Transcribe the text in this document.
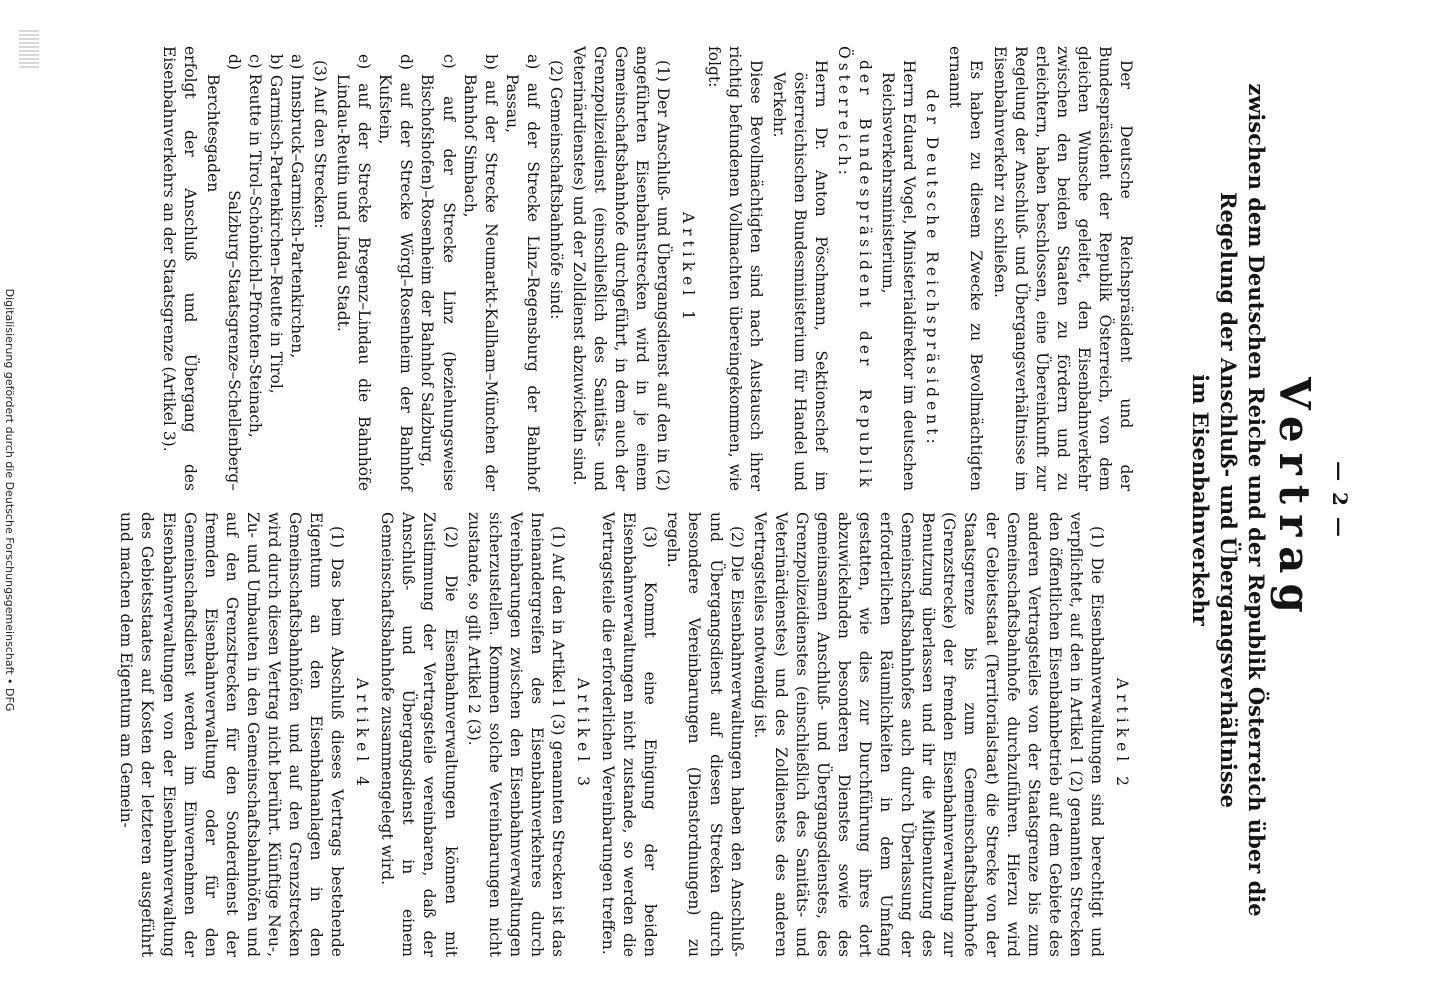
— 2 —
Vertrag
zwischen dem Deutschen Reiche und der Republik Österreich über die
Regelung der Anschluß- und Übergangsverhältnisse
im Eisenbahnverkehr

Der Deutsche Reichspräsident und der Bundespräsident der Republik Österreich, von dem gleichen Wunsche geleitet, den Eisenbahnverkehr zwischen den beiden Staaten zu fördern und zu erleichtern, haben beschlossen, eine Übereinkunft zur Regelung der Anschluß- und Übergangsverhältnisse im Eisenbahnverkehr zu schließen.

Es haben zu diesem Zwecke zu Bevollmächtigten ernannt

der Deutsche Reichspräsident:

Herrn Eduard Vogel, Ministerialdirektor im deutschen Reichsverkehrsministerium,

der Bundespräsident der Republik Österreich:

Herrn Dr. Anton Pöschmann, Sektionschef im österreichischen Bundesministerium für Handel und Verkehr.

Diese Bevollmächtigten sind nach Austausch ihrer richtig befundenen Vollmachten übereingekommen, wie folgt:

Artikel 1

(1) Der Anschluß- und Übergangsdienst auf den in (2) angeführten Eisenbahnstrecken wird in je einem Gemeinschaftsbahnhofe durchgeführt, in dem auch der Grenzpolizeidienst (einschließlich des Sanitäts- und Veterinärdienstes) und der Zolldienst abzuwickeln sind.

(2) Gemeinschaftsbahnhöfe sind:

a) auf der Strecke Linz–Regensburg der Bahnhof Passau,
b) auf der Strecke Neumarkt-Kallham–München der Bahnhof Simbach,
c) auf der Strecke Linz (beziehungsweise Bischofshofen)–Rosenheim der Bahnhof Salzburg,
d) auf der Strecke Wörgl–Rosenheim der Bahnhof Kufstein,
e) auf der Strecke Bregenz–Lindau die Bahnhöfe Lindau-Reutin und Lindau Stadt.

(3) Auf den Strecken:

a) Innsbruck–Garmisch-Partenkirchen,
b) Garmisch-Partenkirchen–Reutte in Tirol,
c) Reutte in Tirol–Schönbichl–Pfronten-Steinach,
d) Salzburg–Staatsgrenze–Schellenberg–Berchtesgaden

erfolgt der Anschluß und Übergang des Eisenbahnverkehrs an der Staatsgrenze (Artikel 3).

Artikel 2

(1) Die Eisenbahnverwaltungen sind berechtigt und verpflichtet, auf den in Artikel 1 (2) genannten Strecken den öffentlichen Eisenbahnbetrieb auf dem Gebiete des anderen Vertragsteiles von der Staatsgrenze bis zum Gemeinschaftsbahnhofe durchzuführen. Hierzu wird der Gebietsstaat (Territorialstaat) die Strecke von der Staatsgrenze bis zum Gemeinschaftsbahnhofe (Grenzstrecke) der fremden Eisenbahnverwaltung zur Benutzung überlassen und ihr die Mitbenutzung des Gemeinschaftsbahnhofes auch durch Überlassung der erforderlichen Räumlichkeiten in dem Umfang gestatten, wie dies zur Durchführung ihres dort abzuwickelnden besonderen Dienstes sowie des gemeinsamen Anschluß- und Übergangsdienstes, des Grenzpolizeidienstes (einschließlich des Sanitäts- und Veterinärdienstes) und des Zolldienstes des anderen Vertragsteiles notwendig ist.

(2) Die Eisenbahnverwaltungen haben den Anschluß- und Übergangsdienst auf diesen Strecken durch besondere Vereinbarungen (Dienstordnungen) zu regeln.

(3) Kommt eine Einigung der beiden Eisenbahnverwaltungen nicht zustande, so werden die Vertragsteile die erforderlichen Vereinbarungen treffen.

Artikel 3

(1) Auf den in Artikel 1 (3) genannten Strecken ist das Ineinandergreifen des Eisenbahnverkehres durch Vereinbarungen zwischen den Eisenbahnverwaltungen sicherzustellen. Kommen solche Vereinbarungen nicht zustande, so gilt Artikel 2 (3).

(2) Die Eisenbahnverwaltungen können mit Zustimmung der Vertragsteile vereinbaren, daß der Anschluß- und Übergangsdienst in einem Gemeinschaftsbahnhofe zusammengelegt wird.

Artikel 4

(1) Das beim Abschluß dieses Vertrags bestehende Eigentum an den Eisenbahnanlagen in den Gemeinschaftsbahnhöfen und auf den Grenzstrecken wird durch diesen Vertrag nicht berührt. Künftige Neu-, Zu- und Umbauten in den Gemeinschaftsbahnhöfen und auf den Grenzstrecken für den Sonderdienst der fremden Eisenbahnverwaltung oder für den Gemeinschaftsdienst werden im Einvernehmen der Eisenbahnverwaltungen von der Eisenbahnverwaltung des Gebietsstaates auf Kosten der letzteren ausgeführt und machen dem Eigentum am Gemein-

Digitalisierung gefördert durch die Deutsche Forschungsgemeinschaft • DFG
